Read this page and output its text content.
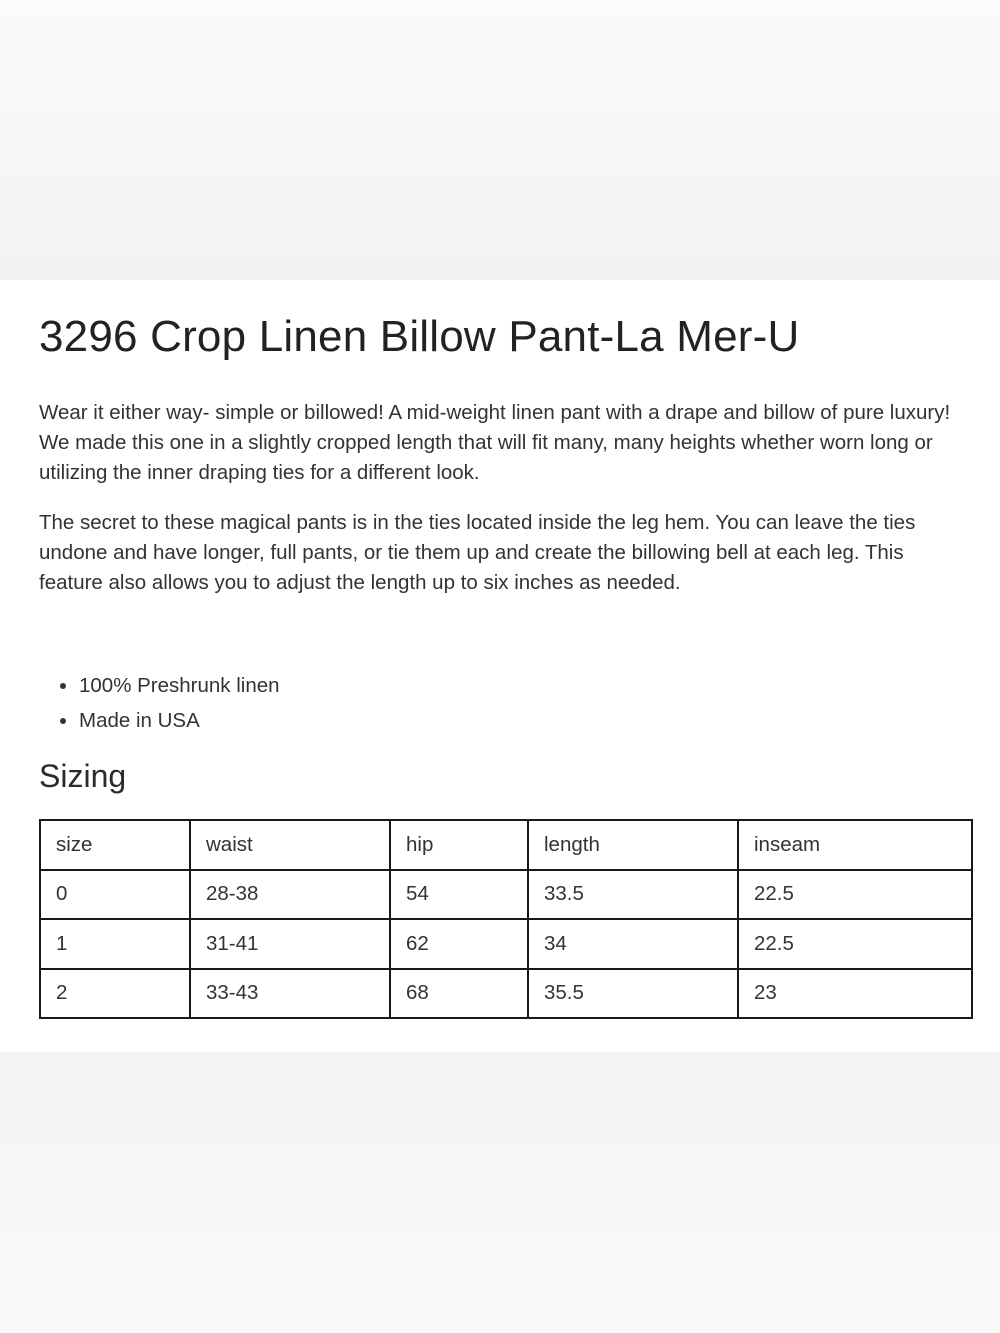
3296 Crop Linen Billow Pant-La Mer-U

Wear it either way- simple or billowed! A mid-weight linen pant with a drape and billow of pure luxury! We made this one in a slightly cropped length that will fit many, many heights whether worn long or utilizing the inner draping ties for a different look.

The secret to these magical pants is in the ties located inside the leg hem. You can leave the ties undone and have longer, full pants, or tie them up and create the billowing bell at each leg. This feature also allows you to adjust the length up to six inches as needed.

• 100% Preshrunk linen
• Made in USA
Sizing
size	waist	hip	length	inseam
0	28-38	54	33.5	22.5
1	31-41	62	34	22.5
2	33-43	68	35.5	23
